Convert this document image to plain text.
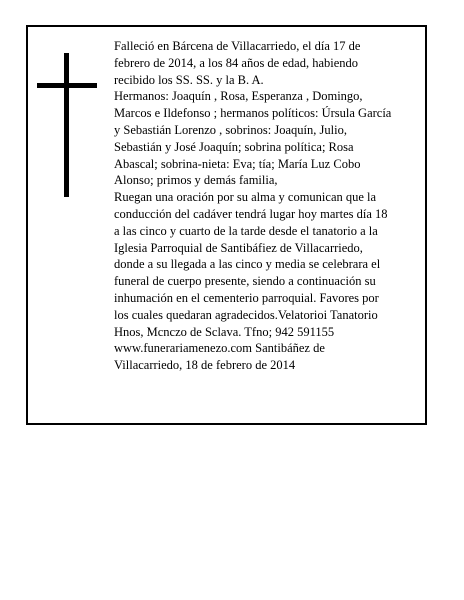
Falleció en Bárcena de Villacarriedo, el día 17 de
febrero de 2014, a los 84 años de edad, habiendo
recibido los SS. SS. y la B. A.
Hermanos: Joaquín , Rosa, Esperanza , Domingo,
Marcos e Ildefonso ; hermanos políticos: Úrsula García
y Sebastián Lorenzo , sobrinos: Joaquín, Julio,
Sebastián y José Joaquín; sobrina política; Rosa
Abascal; sobrina-nieta: Eva; tía; María Luz Cobo
Alonso; primos y demás familia,
Ruegan una oración por su alma y comunican que la
conducción del cadáver tendrá lugar hoy martes día 18
a las cinco y cuarto de la tarde desde el tanatorio a la
Iglesia Parroquial de Santibáfiez de Villacarriedo,
donde a su llegada a las cinco y media se celebrara el
funeral de cuerpo presente, siendo a continuación su
inhumación en el cementerio parroquial. Favores por
los cuales quedaran agradecidos.Velatorioi Tanatorio
Hnos, Mcnczo de Sclava. Tfno; 942 591155
www.funerariamenezo.com Santibáñez de
Villacarriedo, 18 de febrero de 2014
